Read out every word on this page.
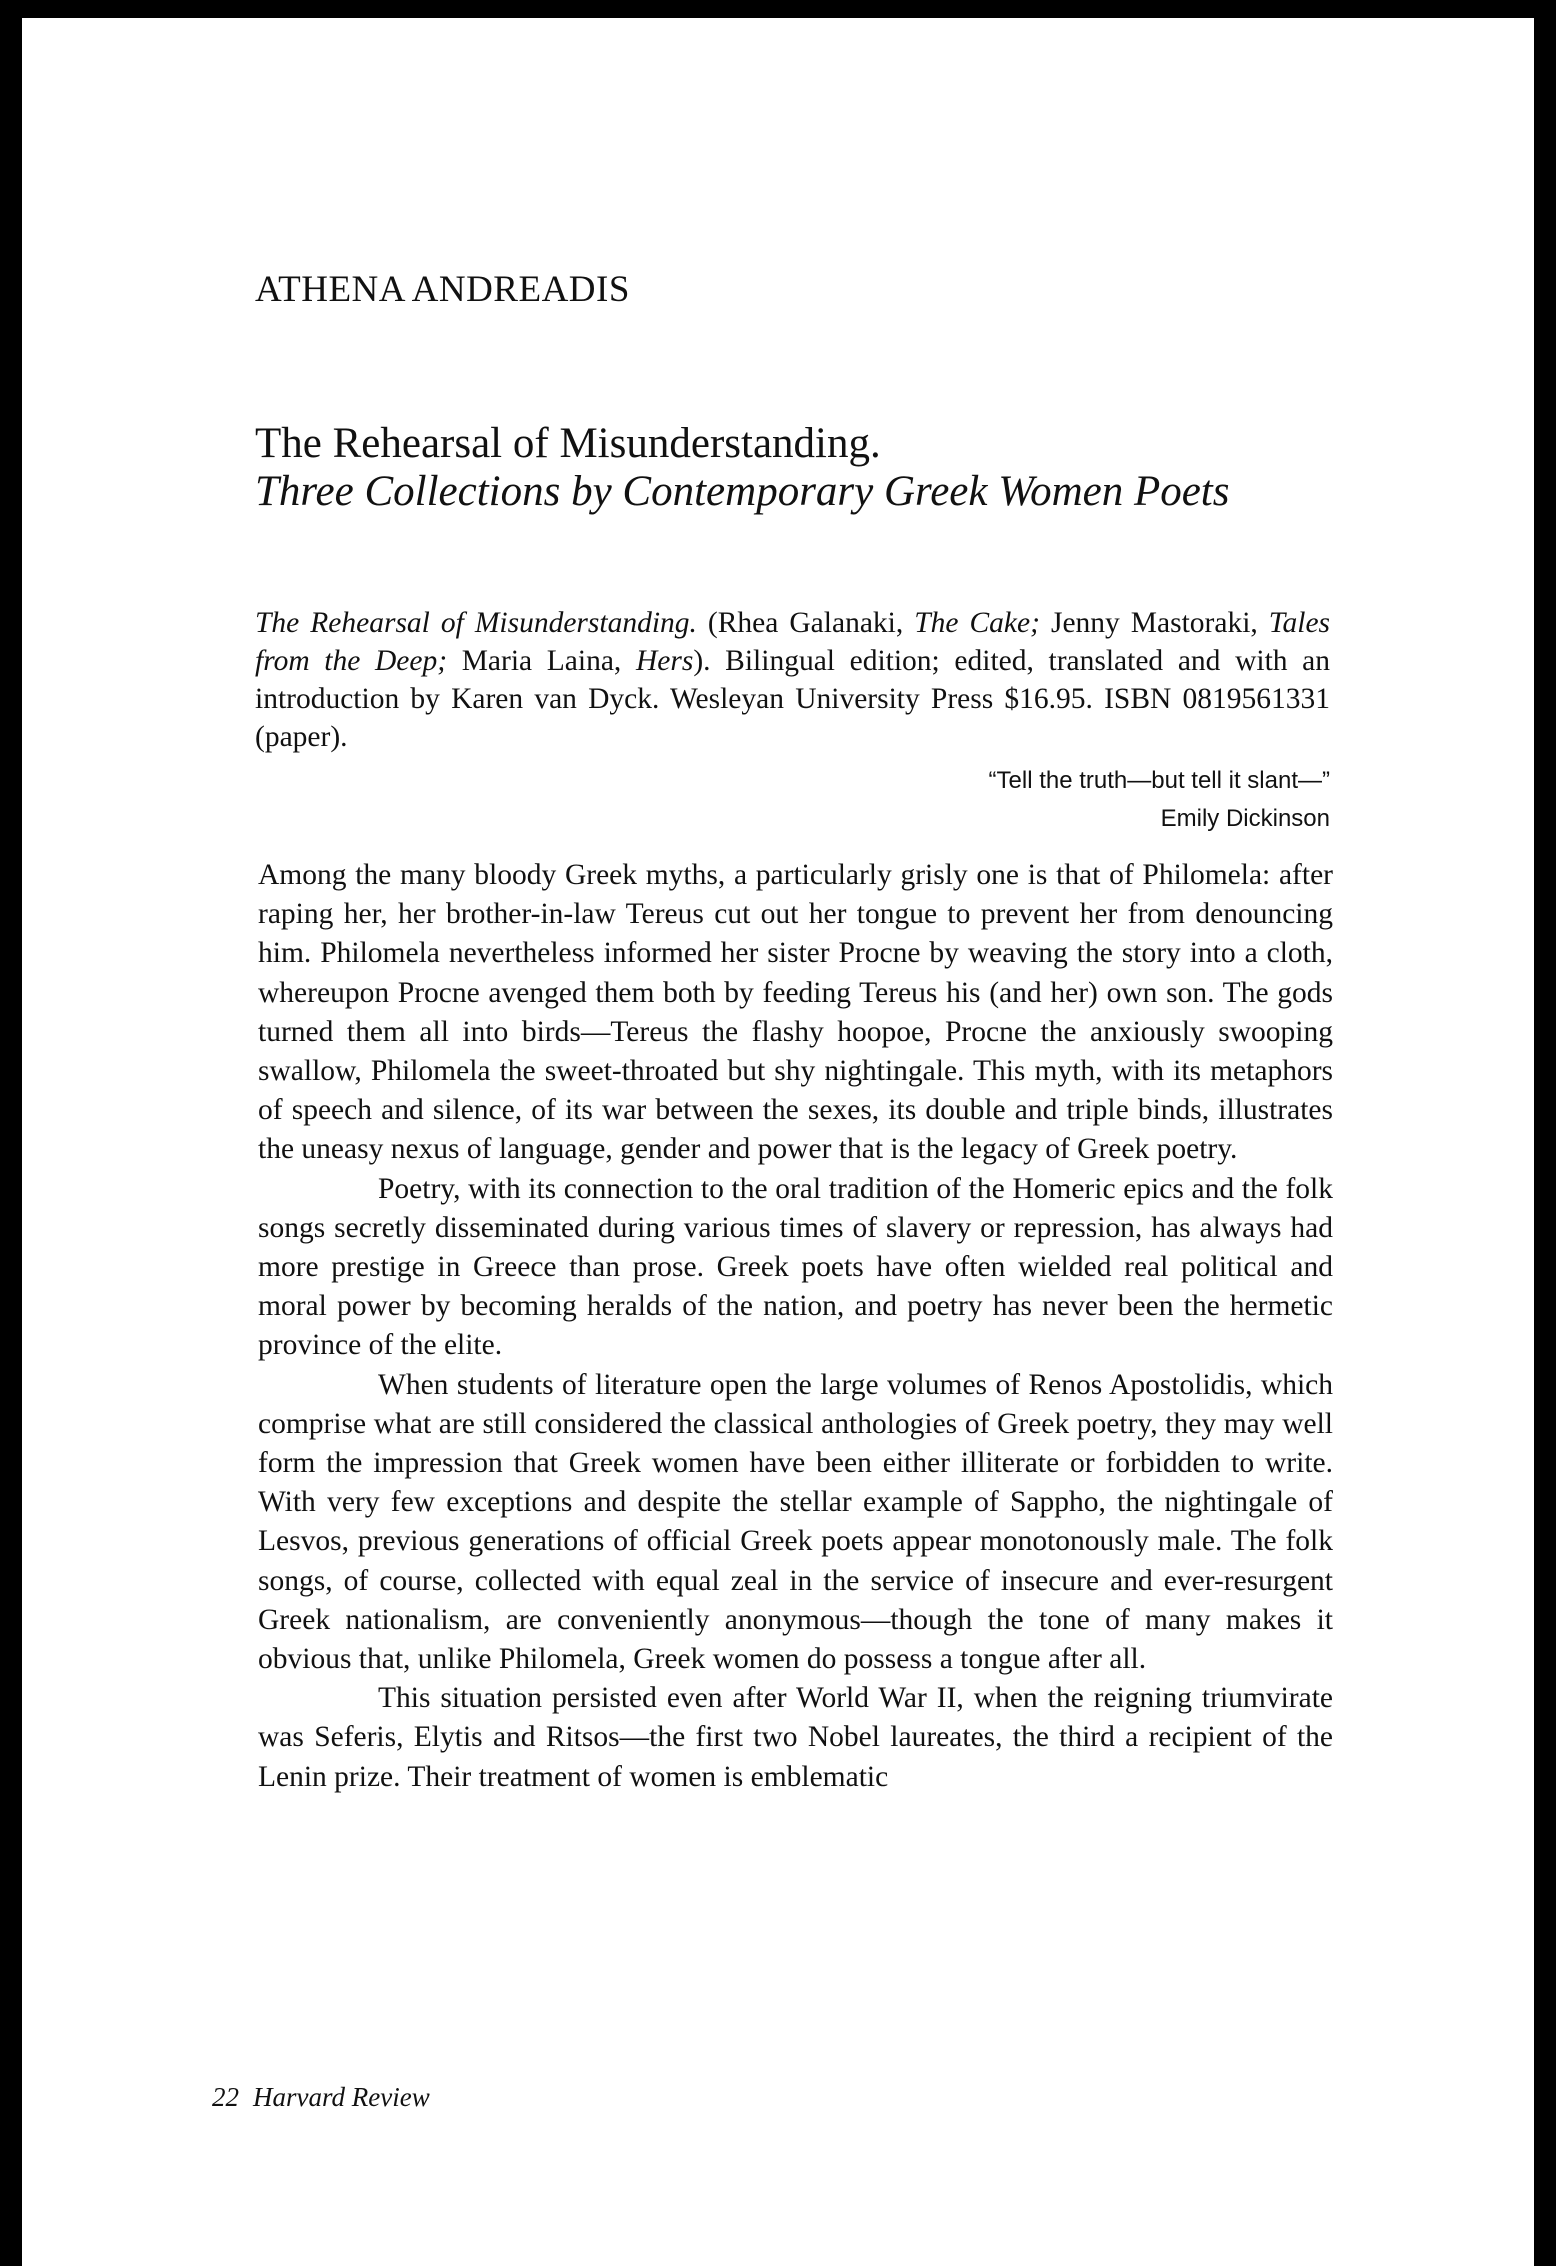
ATHENA ANDREADIS
The Rehearsal of Misunderstanding.
Three Collections by Contemporary Greek Women Poets

The Rehearsal of Misunderstanding. (Rhea Galanaki, The Cake; Jenny Mastoraki, Tales from the Deep; Maria Laina, Hers). Bilingual edition; edited, translated and with an introduction by Karen van Dyck. Wesleyan University Press $16.95. ISBN 0819561331 (paper).

“Tell the truth—but tell it slant—”
Emily Dickinson

Among the many bloody Greek myths, a particularly grisly one is that of Philomela: after raping her, her brother-in-law Tereus cut out her tongue to prevent her from denouncing him. Philomela nevertheless informed her sister Procne by weaving the story into a cloth, whereupon Procne avenged them both by feeding Tereus his (and her) own son. The gods turned them all into birds—Tereus the flashy hoopoe, Procne the anxiously swooping swallow, Philomela the sweet-throated but shy nightingale. This myth, with its metaphors of speech and silence, of its war between the sexes, its double and triple binds, illustrates the uneasy nexus of language, gender and power that is the legacy of Greek poetry.

Poetry, with its connection to the oral tradition of the Homeric epics and the folk songs secretly disseminated during various times of slavery or repression, has always had more prestige in Greece than prose. Greek poets have often wielded real political and moral power by becoming heralds of the nation, and poetry has never been the hermetic province of the elite.

When students of literature open the large volumes of Renos Apostolidis, which comprise what are still considered the classical anthologies of Greek poetry, they may well form the impression that Greek women have been either illiterate or forbidden to write. With very few exceptions and despite the stellar example of Sappho, the nightingale of Lesvos, previous generations of official Greek poets appear monotonously male. The folk songs, of course, collected with equal zeal in the service of insecure and ever-resurgent Greek nationalism, are conveniently anonymous—though the tone of many makes it obvious that, unlike Philomela, Greek women do possess a tongue after all.

This situation persisted even after World War II, when the reigning triumvirate was Seferis, Elytis and Ritsos—the first two Nobel laureates, the third a recipient of the Lenin prize. Their treatment of women is emblematic

22 Harvard Review
